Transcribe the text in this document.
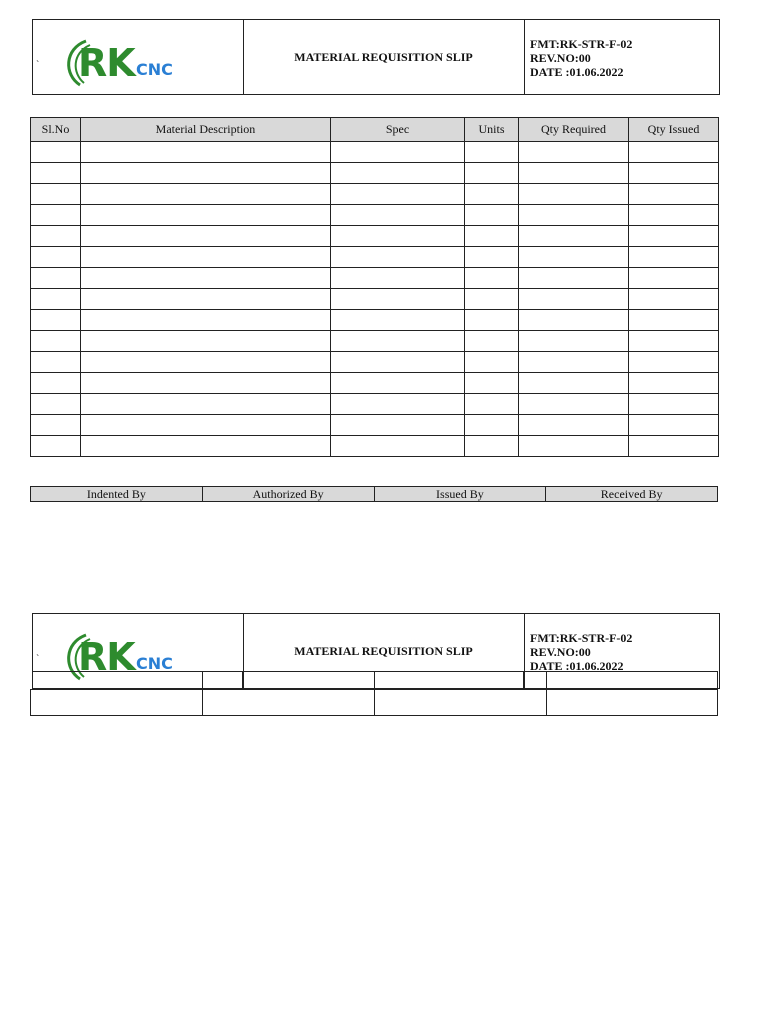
`
MATERIAL REQUISITION SLIP
FMT:RK-STR-F-02
REV.NO:00
DATE :01.06.2022
RK CNC
Sl.No	Material Description	Spec	Units	Qty Required	Qty Issued

Indented By	Authorized By	Issued By	Received By
`
MATERIAL REQUISITION SLIP
FMT:RK-STR-F-02
REV.NO:00
DATE :01.06.2022
RK CNC
